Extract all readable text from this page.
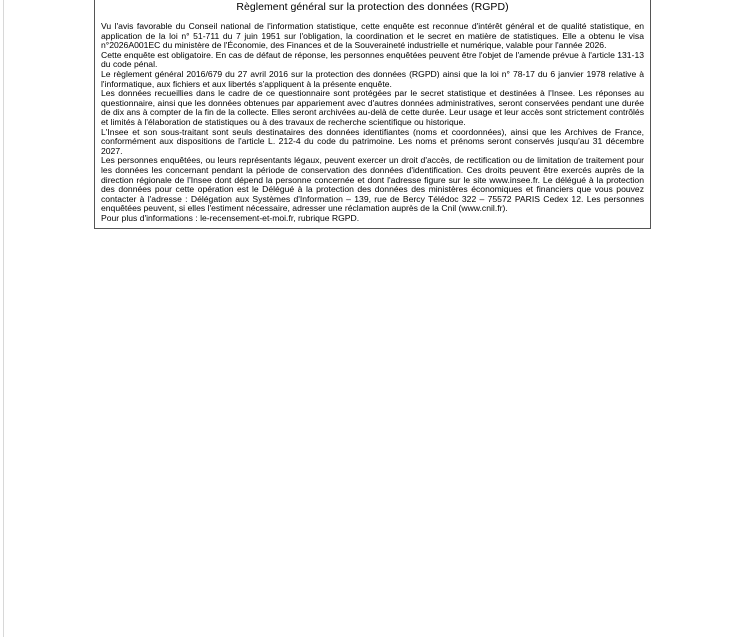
Règlement général sur la protection des données (RGPD)

Vu l'avis favorable du Conseil national de l'information statistique, cette enquête est reconnue d'intérêt général et de qualité statistique, en application de la loi n° 51-711 du 7 juin 1951 sur l'obligation, la coordination et le secret en matière de statistiques. Elle a obtenu le visa n°2026A001EC du ministère de l'Économie, des Finances et de la Souveraineté industrielle et numérique, valable pour l'année 2026.

Cette enquête est obligatoire. En cas de défaut de réponse, les personnes enquêtées peuvent être l'objet de l'amende prévue à l'article 131-13 du code pénal.

Le règlement général 2016/679 du 27 avril 2016 sur la protection des données (RGPD) ainsi que la loi n° 78-17 du 6 janvier 1978 relative à l'informatique, aux fichiers et aux libertés s'appliquent à la présente enquête.

Les données recueillies dans le cadre de ce questionnaire sont protégées par le secret statistique et destinées à l'Insee. Les réponses au questionnaire, ainsi que les données obtenues par appariement avec d'autres données administratives, seront conservées pendant une durée de dix ans à compter de la fin de la collecte. Elles seront archivées au-delà de cette durée. Leur usage et leur accès sont strictement contrôlés et limités à l'élaboration de statistiques ou à des travaux de recherche scientifique ou historique.

L'Insee et son sous-traitant sont seuls destinataires des données identifiantes (noms et coordonnées), ainsi que les Archives de France, conformément aux dispositions de l'article L. 212-4 du code du patrimoine. Les noms et prénoms seront conservés jusqu'au 31 décembre 2027.

Les personnes enquêtées, ou leurs représentants légaux, peuvent exercer un droit d'accès, de rectification ou de limitation de traitement pour les données les concernant pendant la période de conservation des données d'identification. Ces droits peuvent être exercés auprès de la direction régionale de l'Insee dont dépend la personne concernée et dont l'adresse figure sur le site www.insee.fr. Le délégué à la protection des données pour cette opération est le Délégué à la protection des données des ministères économiques et financiers que vous pouvez contacter à l'adresse : Délégation aux Systèmes d'Information – 139, rue de Bercy Télédoc 322 – 75572 PARIS Cedex 12. Les personnes enquêtées peuvent, si elles l'estiment nécessaire, adresser une réclamation auprès de la Cnil (www.cnil.fr).

Pour plus d'informations : le-recensement-et-moi.fr, rubrique RGPD.
